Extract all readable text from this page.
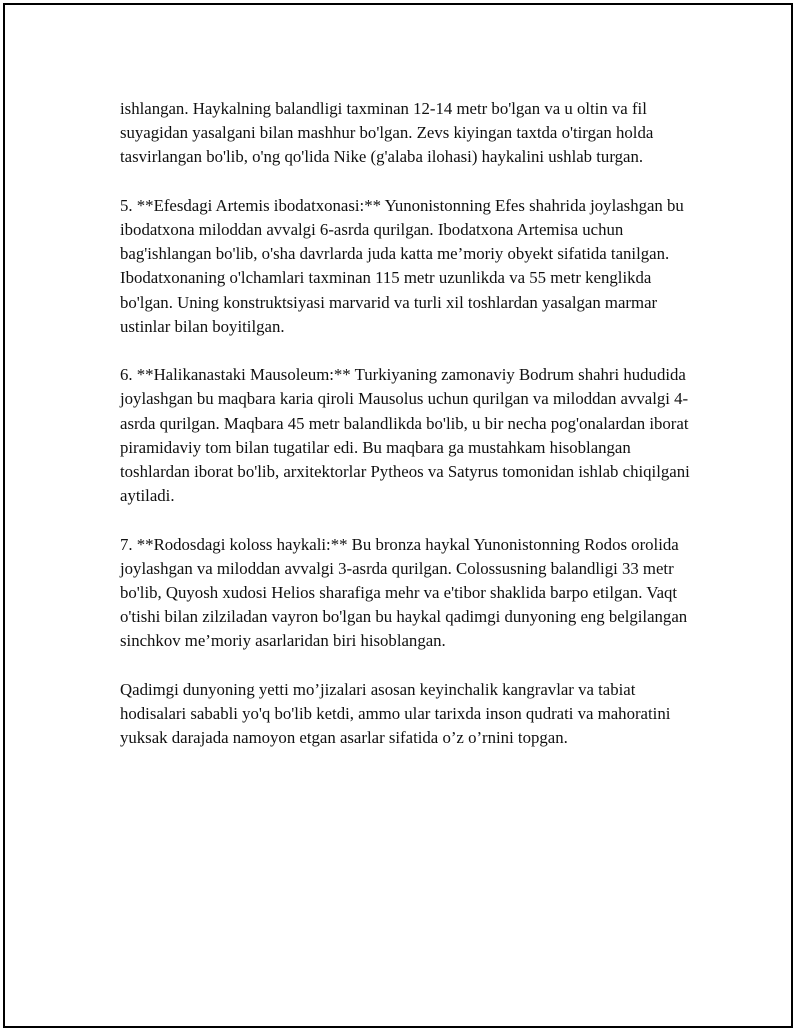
ishlangan. Haykalning balandligi taxminan 12-14 metr bo'lgan va u oltin va fil suyagidan yasalgani bilan mashhur bo'lgan. Zevs kiyingan taxtda o'tirgan holda tasvirlangan bo'lib, o'ng qo'lida Nike (g'alaba ilohasi) haykalini ushlab turgan.

5. **Efesdagi Artemis ibodatxonasi:** Yunonistonning Efes shahrida joylashgan bu ibodatxona miloddan avvalgi 6-asrda qurilgan. Ibodatxona Artemisa uchun bag'ishlangan bo'lib, o'sha davrlarda juda katta me’moriy obyekt sifatida tanilgan. Ibodatxonaning o'lchamlari taxminan 115 metr uzunlikda va 55 metr kenglikda bo'lgan. Uning konstruktsiyasi marvarid va turli xil toshlardan yasalgan marmar ustinlar bilan boyitilgan.

6. **Halikanastaki Mausoleum:** Turkiyaning zamonaviy Bodrum shahri hududida joylashgan bu maqbara karia qiroli Mausolus uchun qurilgan va miloddan avvalgi 4-asrda qurilgan. Maqbara 45 metr balandlikda bo'lib, u bir necha pog'onalardan iborat piramidaviy tom bilan tugatilar edi. Bu maqbara ga mustahkam hisoblangan toshlardan iborat bo'lib, arxitektorlar Pytheos va Satyrus tomonidan ishlab chiqilgani aytiladi.

7. **Rodosdagi koloss haykali:** Bu bronza haykal Yunonistonning Rodos orolida joylashgan va miloddan avvalgi 3-asrda qurilgan. Colossusning balandligi 33 metr bo'lib, Quyosh xudosi Helios sharafiga mehr va e'tibor shaklida barpo etilgan. Vaqt o'tishi bilan zilziladan vayron bo'lgan bu haykal qadimgi dunyoning eng belgilangan sinchkov me’moriy asarlaridan biri hisoblangan.

Qadimgi dunyoning yetti mo’jizalari asosan keyinchalik kangravlar va tabiat hodisalari sababli yo'q bo'lib ketdi, ammo ular tarixda inson qudrati va mahoratini yuksak darajada namoyon etgan asarlar sifatida o’z o’rnini topgan.
